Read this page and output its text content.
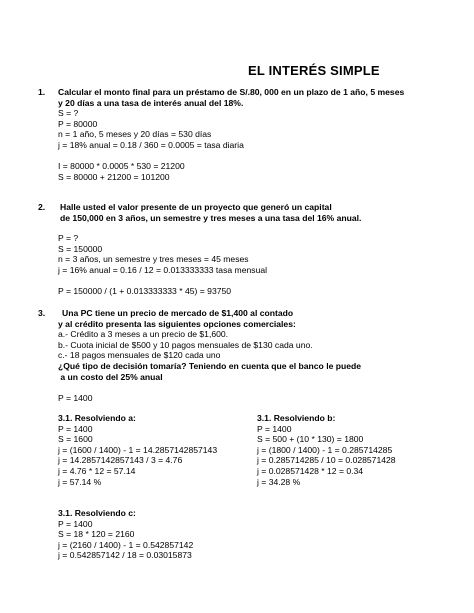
EL INTERÉS SIMPLE
1. Calcular el monto final para un préstamo de S/.80, 000 en un plazo de 1 año, 5 meses
y 20 días a una tasa de interés anual del 18%.
S = ?
P = 80000
n = 1 año, 5 meses y 20 días = 530 días
j = 18% anual = 0.18 / 360 = 0.0005 = tasa diaria
I = 80000 * 0.0005 * 530 = 21200
S = 80000 + 21200 = 101200
2. Halle usted el valor presente de un proyecto que generó un capital
de 150,000 en 3 años, un semestre y tres meses a una tasa del 16% anual.
P = ?
S = 150000
n = 3 años, un semestre y tres meses = 45 meses
j = 16% anual = 0.16 / 12 = 0.013333333 tasa mensual
P = 150000 / (1 + 0.013333333 * 45) = 93750
3.	Una PC tiene un precio de mercado de $1,400 al contado
y al crédito presenta las siguientes opciones comerciales:
a.- Crédito a 3 meses a un precio de $1,600.
b.- Cuota inicial de $500 y 10 pagos mensuales de $130 cada uno.
c.- 18 pagos mensuales de $120 cada uno
¿Qué tipo de decisión tomaría? Teniendo en cuenta que el banco le puede
a un costo del 25% anual
P = 1400
3.1. Resolviendo a:
P = 1400
S = 1600
j = (1600 / 1400) - 1 = 14.2857142857143
j = 14.2857142857143 / 3 = 4.76
j = 4.76 * 12 = 57.14
j = 57.14 %
3.1. Resolviendo b:
P = 1400
S = 500 + (10 * 130) = 1800
j = (1800 / 1400) - 1 = 0.285714285
j = 0.285714285 / 10 = 0.028571428
j = 0.028571428 * 12 = 0.34
j = 34.28 %
3.1. Resolviendo c:
P = 1400
S = 18 * 120 = 2160
j = (2160 / 1400) - 1 = 0.542857142
j = 0.542857142 / 18 = 0.03015873
